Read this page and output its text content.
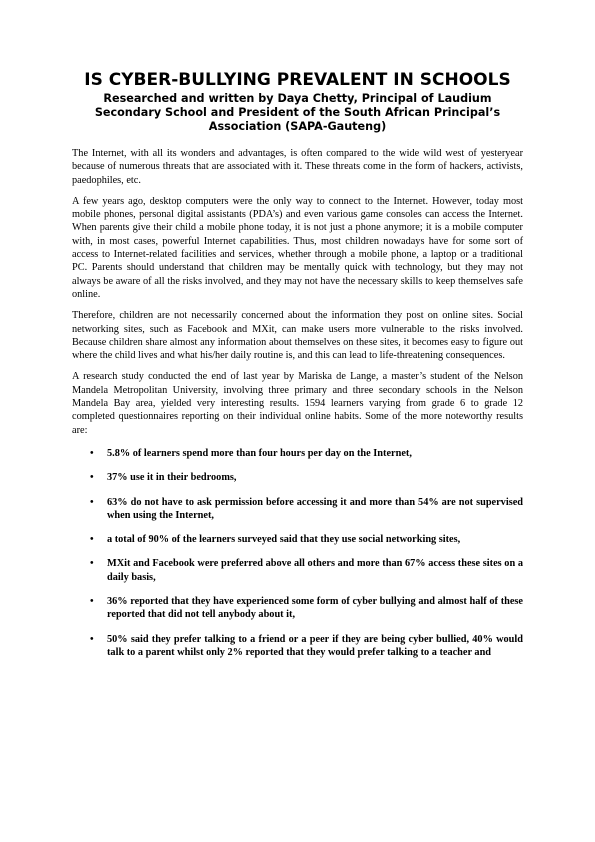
IS CYBER-BULLYING PREVALENT IN SCHOOLS
Researched and written by Daya Chetty, Principal of Laudium Secondary School and President of the South African Principal’s Association (SAPA-Gauteng)

The Internet, with all its wonders and advantages, is often compared to the wide wild west of yesteryear because of numerous threats that are associated with it. These threats come in the form of hackers, activists, paedophiles, etc.

A few years ago, desktop computers were the only way to connect to the Internet. However, today most mobile phones, personal digital assistants (PDA’s) and even various game consoles can access the Internet. When parents give their child a mobile phone today, it is not just a phone anymore; it is a mobile computer with, in most cases, powerful Internet capabilities. Thus, most children nowadays have for some sort of access to Internet-related facilities and services, whether through a mobile phone, a laptop or a traditional PC. Parents should understand that children may be mentally quick with technology, but they may not always be aware of all the risks involved, and they may not have the necessary skills to keep themselves safe online.

Therefore, children are not necessarily concerned about the information they post on online sites. Social networking sites, such as Facebook and MXit, can make users more vulnerable to the risks involved. Because children share almost any information about themselves on these sites, it becomes easy to figure out where the child lives and what his/her daily routine is, and this can lead to life-threatening consequences.

A research study conducted the end of last year by Mariska de Lange, a master’s student of the Nelson Mandela Metropolitan University, involving three primary and three secondary schools in the Nelson Mandela Bay area, yielded very interesting results. 1594 learners varying from grade 6 to grade 12 completed questionnaires reporting on their individual online habits. Some of the more noteworthy results are:

• 5.8% of learners spend more than four hours per day on the Internet,
• 37% use it in their bedrooms,
• 63% do not have to ask permission before accessing it and more than 54% are not supervised when using the Internet,
• a total of 90% of the learners surveyed said that they use social networking sites,
• MXit and Facebook were preferred above all others and more than 67% access these sites on a daily basis,
• 36% reported that they have experienced some form of cyber bullying and almost half of these reported that did not tell anybody about it,
• 50% said they prefer talking to a friend or a peer if they are being cyber bullied, 40% would talk to a parent whilst only 2% reported that they would prefer talking to a teacher and
